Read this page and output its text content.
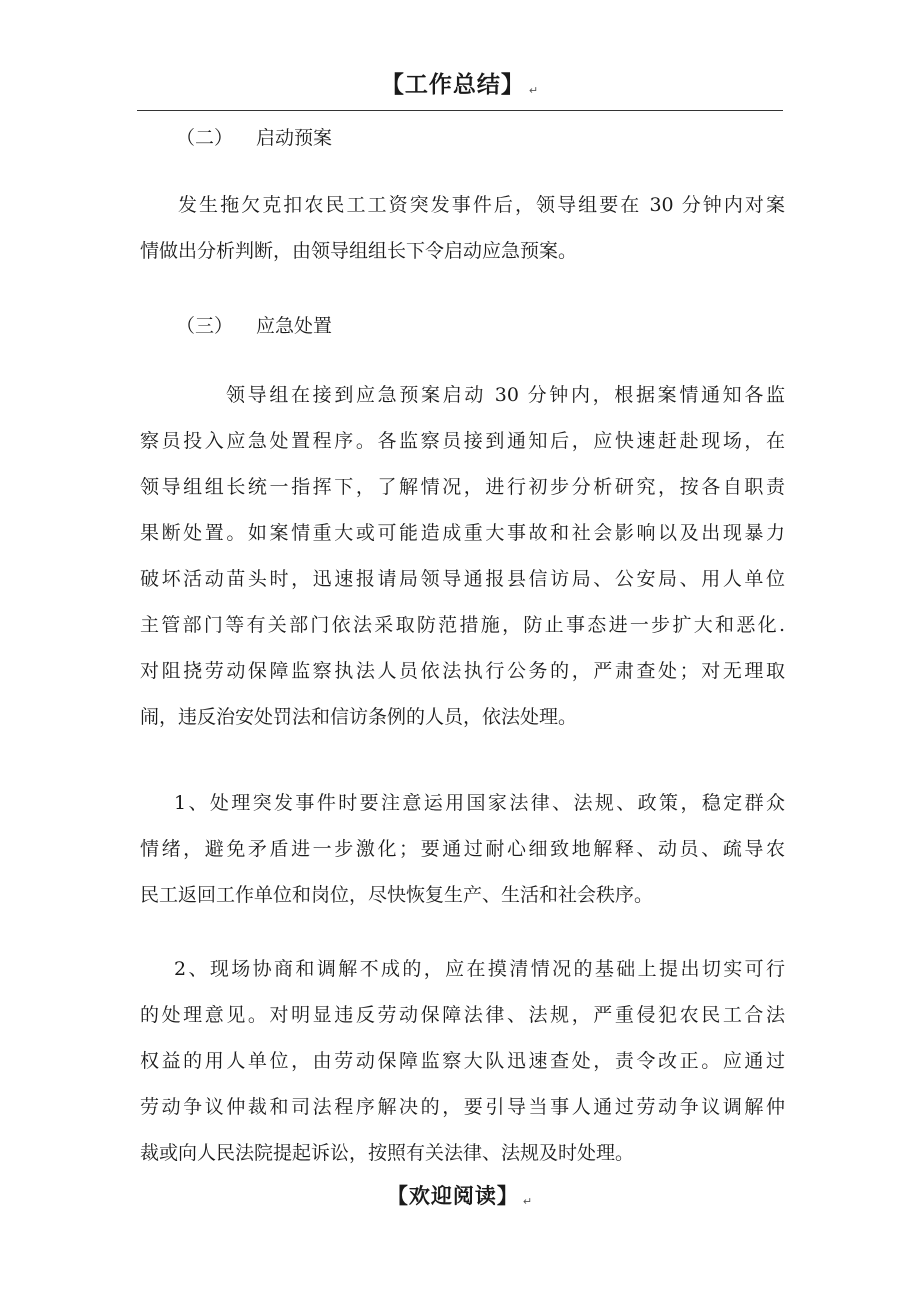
【工作总结】 ↵
（二） 启动预案
发生拖欠克扣农民工工资突发事件后，领导组要在 30 分钟内对案
情做出分析判断，由领导组组长下令启动应急预案。
（三） 应急处置
领导组在接到应急预案启动 30 分钟内，根据案情通知各监
察员投入应急处置程序。各监察员接到通知后，应快速赶赴现场，在
领导组组长统一指挥下，了解情况，进行初步分析研究，按各自职责
果断处置。如案情重大或可能造成重大事故和社会影响以及出现暴力
破坏活动苗头时，迅速报请局领导通报县信访局、公安局、用人单位
主管部门等有关部门依法采取防范措施，防止事态进一步扩大和恶化.
对阻挠劳动保障监察执法人员依法执行公务的，严肃查处；对无理取
闹，违反治安处罚法和信访条例的人员，依法处理。
1、处理突发事件时要注意运用国家法律、法规、政策，稳定群众
情绪，避免矛盾进一步激化；要通过耐心细致地解释、动员、疏导农
民工返回工作单位和岗位，尽快恢复生产、生活和社会秩序。
2、现场协商和调解不成的，应在摸清情况的基础上提出切实可行
的处理意见。对明显违反劳动保障法律、法规，严重侵犯农民工合法
权益的用人单位，由劳动保障监察大队迅速查处，责令改正。应通过
劳动争议仲裁和司法程序解决的，要引导当事人通过劳动争议调解仲
裁或向人民法院提起诉讼，按照有关法律、法规及时处理。
【欢迎阅读】 ↵
